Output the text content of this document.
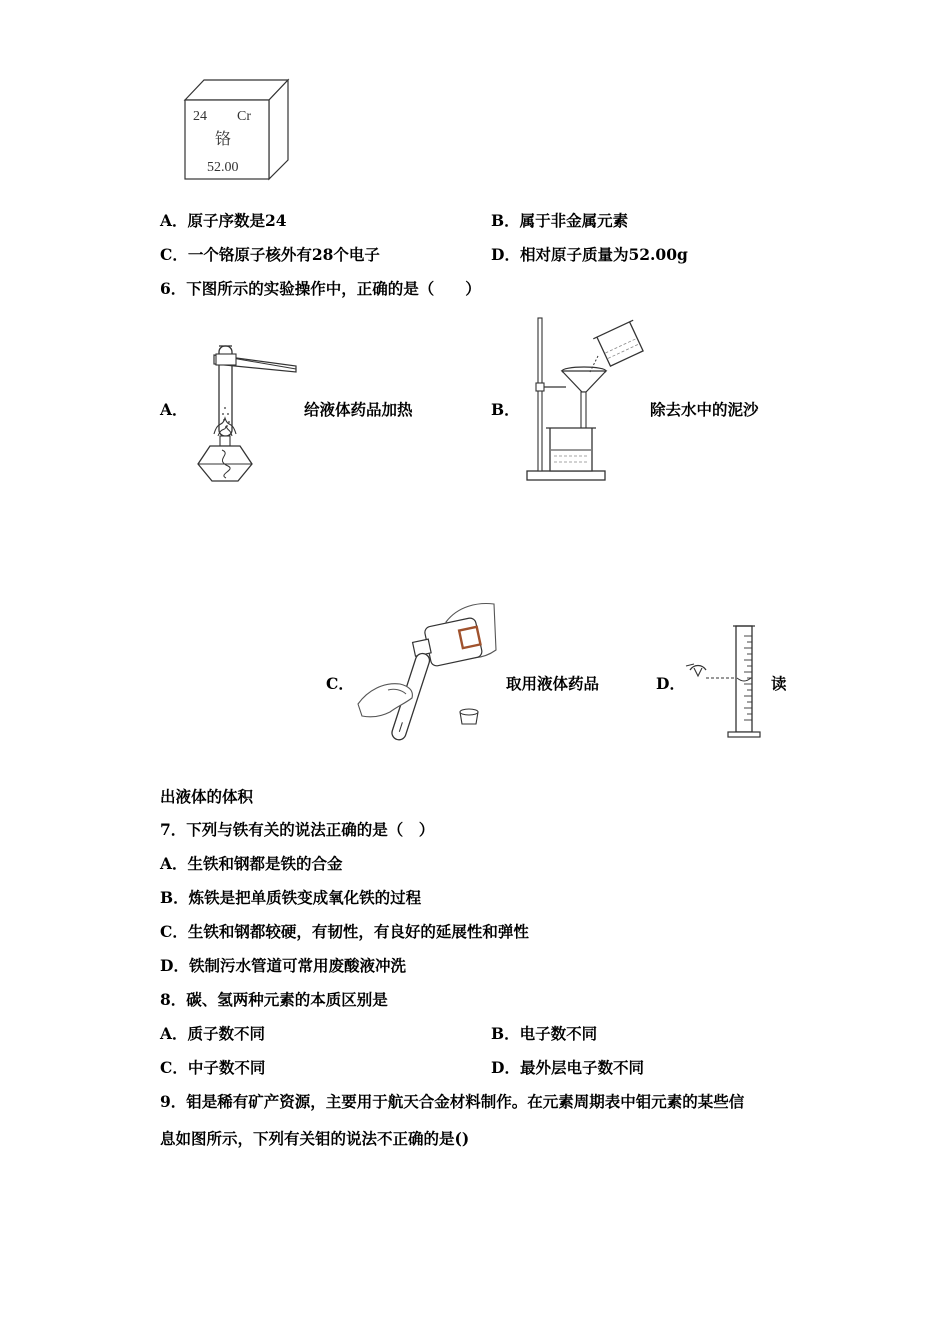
24 Cr
铬
52.00
A．原子序数是24	B．属于非金属元素
C．一个铬原子核外有28个电子	D．相对原子质量为52.00g
6．下图所示的实验操作中，正确的是（　　）
A．	给液体药品加热	B．	除去水中的泥沙
C．	取用液体药品	D．	读
出液体的体积
7．下列与铁有关的说法正确的是（　）
A．生铁和钢都是铁的合金
B．炼铁是把单质铁变成氧化铁的过程
C．生铁和钢都较硬，有韧性，有良好的延展性和弹性
D．铁制污水管道可常用废酸液冲洗
8．碳、氢两种元素的本质区别是
A．质子数不同	B．电子数不同
C．中子数不同	D．最外层电子数不同
9．钼是稀有矿产资源，主要用于航天合金材料制作。在元素周期表中钼元素的某些信
息如图所示，下列有关钼的说法不正确的是()
